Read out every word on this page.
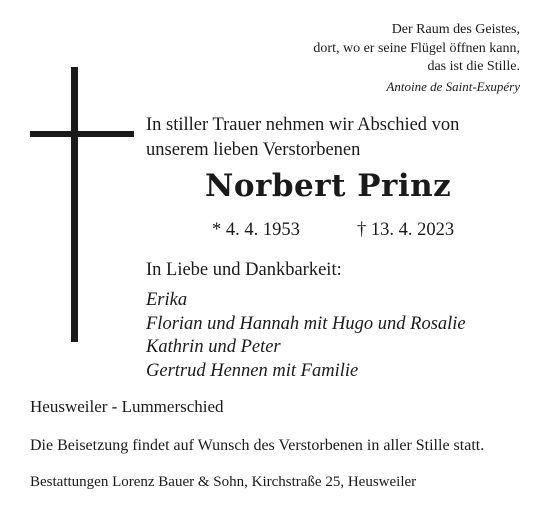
Der Raum des Geistes,
dort, wo er seine Flügel öffnen kann,
das ist die Stille.
Antoine de Saint-Exupéry
In stiller Trauer nehmen wir Abschied von
unserem lieben Verstorbenen
Norbert Prinz
* 4. 4. 1953	† 13. 4. 2023
In Liebe und Dankbarkeit:
Erika
Florian und Hannah mit Hugo und Rosalie
Kathrin und Peter
Gertrud Hennen mit Familie
Heusweiler - Lummerschied
Die Beisetzung findet auf Wunsch des Verstorbenen in aller Stille statt.
Bestattungen Lorenz Bauer & Sohn, Kirchstraße 25, Heusweiler
